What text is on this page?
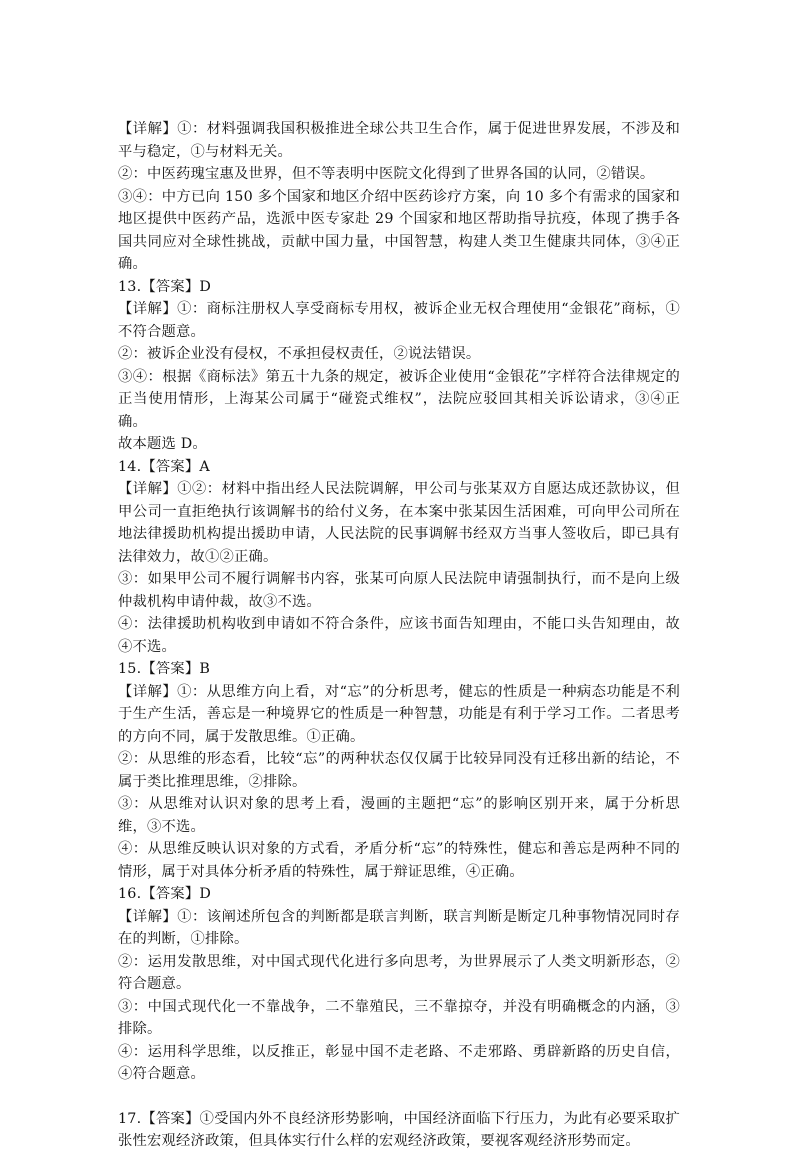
【详解】①：材料强调我国积极推进全球公共卫生合作，属于促进世界发展，不涉及和平与稳定，①与材料无关。

②：中医药瑰宝惠及世界，但不等表明中医院文化得到了世界各国的认同，②错误。

③④：中方已向 150 多个国家和地区介绍中医药诊疗方案，向 10 多个有需求的国家和地区提供中医药产品，选派中医专家赴 29 个国家和地区帮助指导抗疫，体现了携手各国共同应对全球性挑战，贡献中国力量，中国智慧，构建人类卫生健康共同体，③④正确。

13.【答案】D

【详解】①：商标注册权人享受商标专用权，被诉企业无权合理使用“金银花”商标，①不符合题意。

②：被诉企业没有侵权，不承担侵权责任，②说法错误。

③④：根据《商标法》第五十九条的规定，被诉企业使用“金银花”字样符合法律规定的正当使用情形，上海某公司属于“碰瓷式维权”，法院应驳回其相关诉讼请求，③④正确。

故本题选 D。

14.【答案】A

【详解】①②：材料中指出经人民法院调解，甲公司与张某双方自愿达成还款协议，但甲公司一直拒绝执行该调解书的给付义务，在本案中张某因生活困难，可向甲公司所在地法律援助机构提出援助申请，人民法院的民事调解书经双方当事人签收后，即已具有法律效力，故①②正确。

③：如果甲公司不履行调解书内容，张某可向原人民法院申请强制执行，而不是向上级仲裁机构申请仲裁，故③不选。

④：法律援助机构收到申请如不符合条件，应该书面告知理由，不能口头告知理由，故④不选。

15.【答案】B

【详解】①：从思维方向上看，对“忘”的分析思考，健忘的性质是一种病态功能是不利于生产生活，善忘是一种境界它的性质是一种智慧，功能是有利于学习工作。二者思考的方向不同，属于发散思维。①正确。

②：从思维的形态看，比较“忘”的两种状态仅仅属于比较异同没有迁移出新的结论，不属于类比推理思维，②排除。

③：从思维对认识对象的思考上看，漫画的主题把“忘”的影响区别开来，属于分析思维，③不选。

④：从思维反映认识对象的方式看，矛盾分析“忘”的特殊性，健忘和善忘是两种不同的情形，属于对具体分析矛盾的特殊性，属于辩证思维，④正确。

16.【答案】D

【详解】①：该阐述所包含的判断都是联言判断，联言判断是断定几种事物情况同时存在的判断，①排除。

②：运用发散思维，对中国式现代化进行多向思考，为世界展示了人类文明新形态，②符合题意。

③：中国式现代化一不靠战争，二不靠殖民，三不靠掠夺，并没有明确概念的内涵，③排除。

④：运用科学思维，以反推正，彰显中国不走老路、不走邪路、勇辟新路的历史自信，④符合题意。

17.【答案】①受国内外不良经济形势影响，中国经济面临下行压力，为此有必要采取扩张性宏观经济政策，但具体实行什么样的宏观经济政策，要视客观经济形势而定。
